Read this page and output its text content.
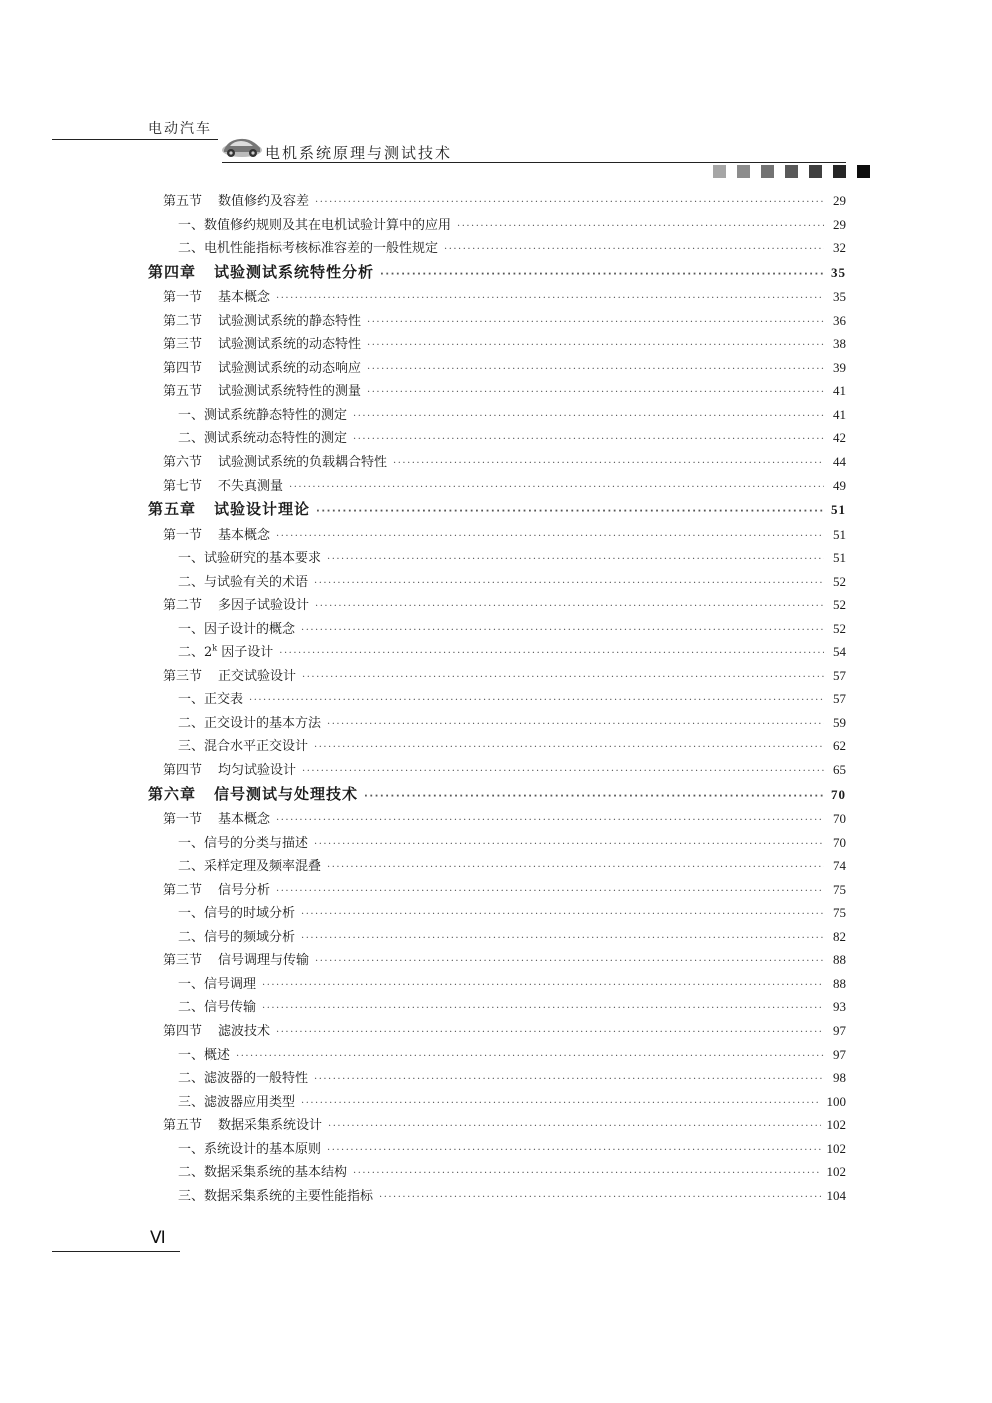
电动汽车
电机系统原理与测试技术
第五节 数值修约及容差 ·····	29
一、数值修约规则及其在电机试验计算中的应用 ·····	29
二、电机性能指标考核标准容差的一般性规定 ·····	32
第四章 试验测试系统特性分析 ·····	35
第一节 基本概念 ·····	35
第二节 试验测试系统的静态特性 ·····	36
第三节 试验测试系统的动态特性 ·····	38
第四节 试验测试系统的动态响应 ·····	39
第五节 试验测试系统特性的测量 ·····	41
一、测试系统静态特性的测定 ·····	41
二、测试系统动态特性的测定 ·····	42
第六节 试验测试系统的负载耦合特性 ·····	44
第七节 不失真测量 ·····	49
第五章 试验设计理论 ·····	51
第一节 基本概念 ·····	51
一、试验研究的基本要求 ·····	51
二、与试验有关的术语 ·····	52
第二节 多因子试验设计 ·····	52
一、因子设计的概念 ·····	52
二、2$^k$ 因子设计 ·····	54
第三节 正交试验设计 ·····	57
一、正交表 ·····	57
二、正交设计的基本方法 ·····	59
三、混合水平正交设计 ·····	62
第四节 均匀试验设计 ·····	65
第六章 信号测试与处理技术 ·····	70
第一节 基本概念 ·····	70
一、信号的分类与描述 ·····	70
二、采样定理及频率混叠 ·····	74
第二节 信号分析 ·····	75
一、信号的时域分析 ·····	75
二、信号的频域分析 ·····	82
第三节 信号调理与传输 ·····	88
一、信号调理 ·····	88
二、信号传输 ·····	93
第四节 滤波技术 ·····	97
一、概述 ·····	97
二、滤波器的一般特性 ·····	98
三、滤波器应用类型 ·····	100
第五节 数据采集系统设计 ·····	102
一、系统设计的基本原则 ·····	102
二、数据采集系统的基本结构 ·····	102
三、数据采集系统的主要性能指标 ·····	104
Ⅵ
